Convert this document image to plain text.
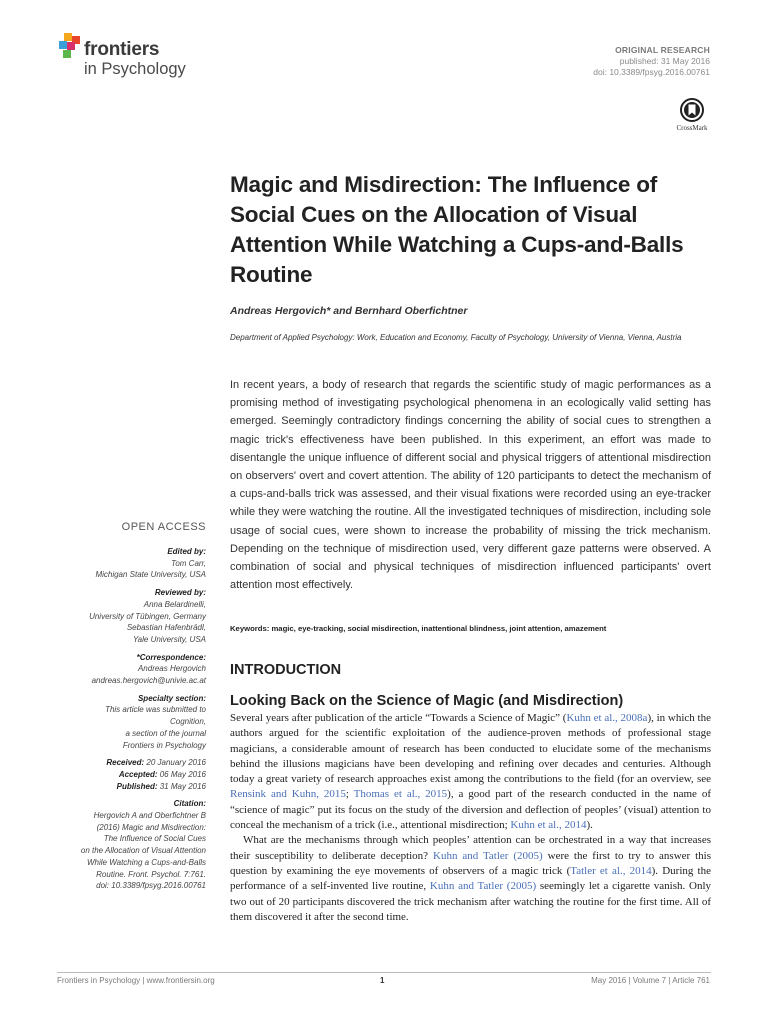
frontiers
in Psychology
ORIGINAL RESEARCH
published: 31 May 2016
doi: 10.3389/fpsyg.2016.00761
CrossMark
Magic and Misdirection: The Influence of Social Cues on the Allocation of Visual Attention While Watching a Cups-and-Balls Routine
Andreas Hergovich* and Bernhard Oberfichtner
Department of Applied Psychology: Work, Education and Economy, Faculty of Psychology, University of Vienna, Vienna, Austria
In recent years, a body of research that regards the scientific study of magic performances as a promising method of investigating psychological phenomena in an ecologically valid setting has emerged. Seemingly contradictory findings concerning the ability of social cues to strengthen a magic trick's effectiveness have been published. In this experiment, an effort was made to disentangle the unique influence of different social and physical triggers of attentional misdirection on observers' overt and covert attention. The ability of 120 participants to detect the mechanism of a cups-and-balls trick was assessed, and their visual fixations were recorded using an eye-tracker while they were watching the routine. All the investigated techniques of misdirection, including sole usage of social cues, were shown to increase the probability of missing the trick mechanism. Depending on the technique of misdirection used, very different gaze patterns were observed. A combination of social and physical techniques of misdirection influenced participants' overt attention most effectively.
Keywords: magic, eye-tracking, social misdirection, inattentional blindness, joint attention, amazement
INTRODUCTION
Looking Back on the Science of Magic (and Misdirection)

Several years after publication of the article “Towards a Science of Magic” (Kuhn et al., 2008a), in which the authors argued for the scientific exploitation of the audience-proven methods of professional stage magicians, a considerable amount of research has been conducted to elucidate some of the mechanisms behind the illusions magicians have been developing and refining over decades and centuries. Although today a great variety of research approaches exist among the contributions to the field (for an overview, see Rensink and Kuhn, 2015; Thomas et al., 2015), a good part of the research conducted in the name of “science of magic” put its focus on the study of the diversion and deflection of peoples’ (visual) attention to conceal the mechanism of a trick (i.e., attentional misdirection; Kuhn et al., 2014).

What are the mechanisms through which peoples’ attention can be orchestrated in a way that increases their susceptibility to deliberate deception? Kuhn and Tatler (2005) were the first to try to answer this question by examining the eye movements of observers of a magic trick (Tatler et al., 2014). During the performance of a self-invented live routine, Kuhn and Tatler (2005) seemingly let a cigarette vanish. Only two out of 20 participants discovered the trick mechanism after watching the routine for the first time. All of them discovered it after the second time.

OPEN ACCESS
Edited by:
Tom Carr,
Michigan State University, USA
Reviewed by:
Anna Belardinelli,
University of Tübingen, Germany
Sebastian Hafenbrädl,
Yale University, USA
*Correspondence:
Andreas Hergovich
andreas.hergovich@univie.ac.at
Specialty section:
This article was submitted to
Cognition,
a section of the journal
Frontiers in Psychology
Received: 20 January 2016
Accepted: 06 May 2016
Published: 31 May 2016
Citation:
Hergovich A and Oberfichtner B
(2016) Magic and Misdirection:
The Influence of Social Cues
on the Allocation of Visual Attention
While Watching a Cups-and-Balls
Routine. Front. Psychol. 7:761.
doi: 10.3389/fpsyg.2016.00761
Frontiers in Psychology | www.frontiersin.org	1	May 2016 | Volume 7 | Article 761
